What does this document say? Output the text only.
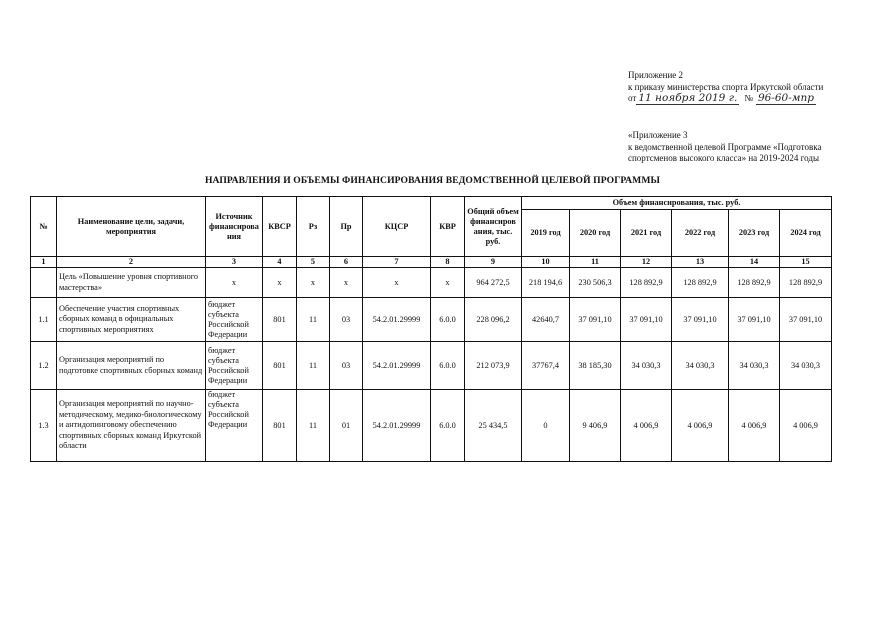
Приложение 2
к приказу министерства спорта Иркутской области
от 11 ноября 2019 г. № 96-60-мпр
«Приложение 3
к ведомственной целевой Программе «Подготовка
спортсменов высокого класса» на 2019-2024 годы
НАПРАВЛЕНИЯ И ОБЪЕМЫ ФИНАНСИРОВАНИЯ ВЕДОМСТВЕННОЙ ЦЕЛЕВОЙ ПРОГРАММЫ
№	Наименование цели, задачи, мероприятия	Источник финансирова ния	КВСР	Рз	Пр	КЦСР	КВР	Общий объем финансиров ания, тыс. руб.	Объем финансирования, тыс. руб.					
									2019 год	2020 год	2021 год	2022 год	2023 год	2024 год
1	2	3	4	5	6	7	8	9	10	11	12	13	14	15
	Цель «Повышение уровня спортивного мастерства»	х	х	х	х	х	х	964 272,5	218 194,6	230 506,3	128 892,9	128 892,9	128 892,9	128 892,9
1.1	Обеспечение участия спортивных сборных команд в официальных спортивных мероприятиях	бюджет субъекта Российской Федерации	801	11	03	54.2.01.29999	6.0.0	228 096,2	42640,7	37 091,10	37 091,10	37 091,10	37 091,10	37 091,10
1.2	Организация мероприятий по подготовке спортивных сборных команд	бюджет субъекта Российской Федерации	801	11	03	54.2.01.29999	6.0.0	212 073,9	37767,4	38 185,30	34 030,3	34 030,3	34 030,3	34 030,3
1.3	Организация мероприятий по научно-методическому, медико-биологическому и антидопинговому обеспечению спортивных сборных команд Иркутской области	бюджет субъекта Российской Федерации	801	11	01	54.2.01.29999	6.0.0	25 434,5	0	9 406,9	4 006,9	4 006,9	4 006,9	4 006,9
